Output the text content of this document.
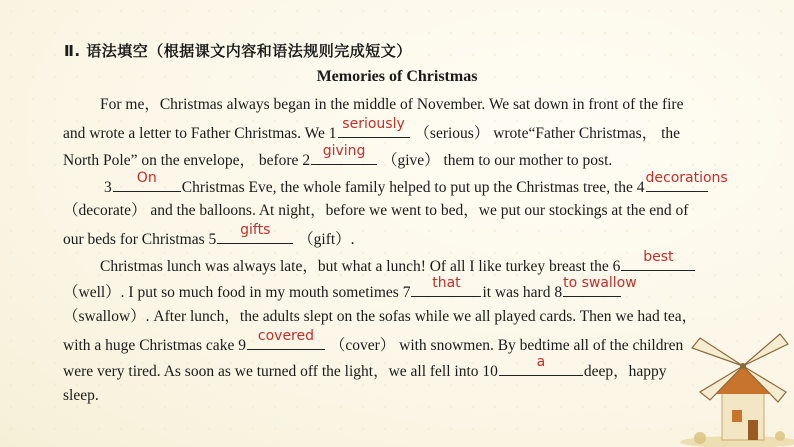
Ⅱ. 语法填空（根据课文内容和语法规则完成短文）
Memories of Christmas
For me，Christmas always began in the middle of November. We sat down in front of the fire
and wrote a letter to Father Christmas. We 1
seriously
（serious） wrote“Father Christmas， the
North Pole” on the envelope， before 2
giving
（give） them to our mother to post.
3
On
Christmas Eve, the whole family helped to put up the Christmas tree, the 4
decorations
（decorate） and the balloons. At night，before we went to bed，we put our stockings at the end of
our beds for Christmas 5
gifts
（gift）.
Christmas lunch was always late，but what a lunch! Of all I like turkey breast the 6
best
（well）. I put so much food in my mouth sometimes 7
that
it was hard 8
to swallow
（swallow）. After lunch，the adults slept on the sofas while we all played cards. Then we had tea，
with a huge Christmas cake 9
covered
（cover） with snowmen. By bedtime all of the children
were very tired. As soon as we turned off the light，we all fell into 10
a
deep，happy
sleep.
